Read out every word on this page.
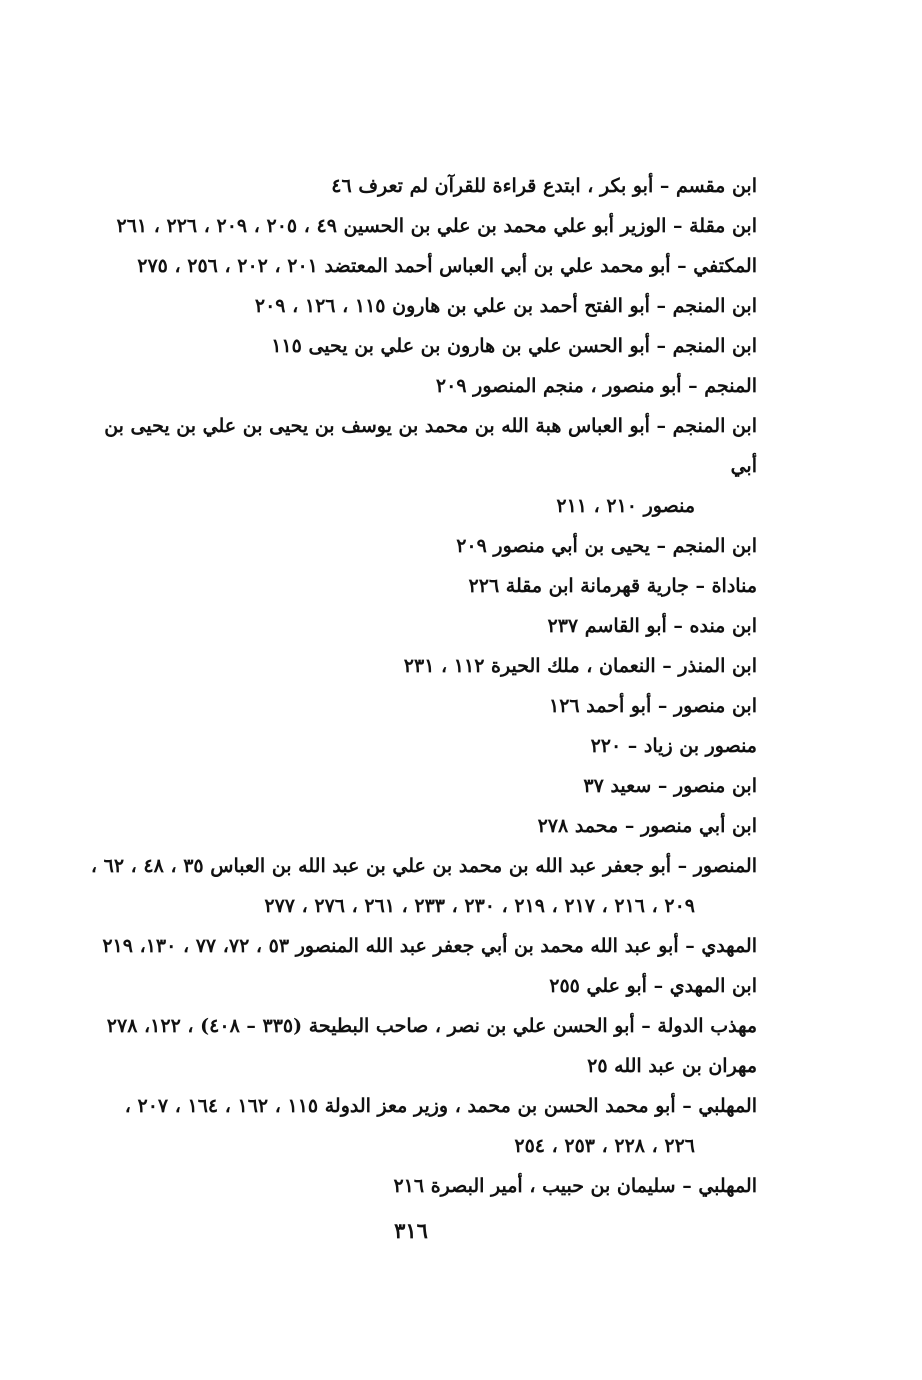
ابن مقسم – أبو بكر ، ابتدع قراءة للقرآن لم تعرف ٤٦
ابن مقلة – الوزير أبو علي محمد بن علي بن الحسين ٤٩ ، ٢٠٥ ، ٢٠٩ ، ٢٢٦ ، ٢٦١
المكتفي – أبو محمد علي بن أبي العباس أحمد المعتضد ٢٠١ ، ٢٠٢ ، ٢٥٦ ، ٢٧٥
ابن المنجم – أبو الفتح أحمد بن علي بن هارون ١١٥ ، ١٢٦ ، ٢٠٩
ابن المنجم – أبو الحسن علي بن هارون بن علي بن يحيى ١١٥
المنجم – أبو منصور ، منجم المنصور ٢٠٩
ابن المنجم – أبو العباس هبة الله بن محمد بن يوسف بن يحيى بن علي بن يحيى بن أبي
منصور ٢١٠ ، ٢١١
ابن المنجم – يحيى بن أبي منصور ٢٠٩
مناداة – جارية قهرمانة ابن مقلة ٢٢٦
ابن منده – أبو القاسم ٢٣٧
ابن المنذر – النعمان ، ملك الحيرة ١١٢ ، ٢٣١
ابن منصور – أبو أحمد ١٢٦
منصور بن زياد – ٢٢٠
ابن منصور – سعيد ٣٧
ابن أبي منصور – محمد ٢٧٨
المنصور – أبو جعفر عبد الله بن محمد بن علي بن عبد الله بن العباس ٣٥ ، ٤٨ ، ٦٢ ،
٢٠٩ ، ٢١٦ ، ٢١٧ ، ٢١٩ ، ٢٣٠ ، ٢٣٣ ، ٢٦١ ، ٢٧٦ ، ٢٧٧
المهدي – أبو عبد الله محمد بن أبي جعفر عبد الله المنصور ٥٣ ، ٧٢، ٧٧ ، ١٣٠، ٢١٩
ابن المهدي – أبو علي ٢٥٥
مهذب الدولة – أبو الحسن علي بن نصر ، صاحب البطيحة (٣٣٥ – ٤٠٨) ، ١٢٢، ٢٧٨
مهران بن عبد الله ٢٥
المهلبي – أبو محمد الحسن بن محمد ، وزير معز الدولة ١١٥ ، ١٦٢ ، ١٦٤ ، ٢٠٧ ،
٢٢٦ ، ٢٢٨ ، ٢٥٣ ، ٢٥٤
المهلبي – سليمان بن حبيب ، أمير البصرة ٢١٦
٣١٦
